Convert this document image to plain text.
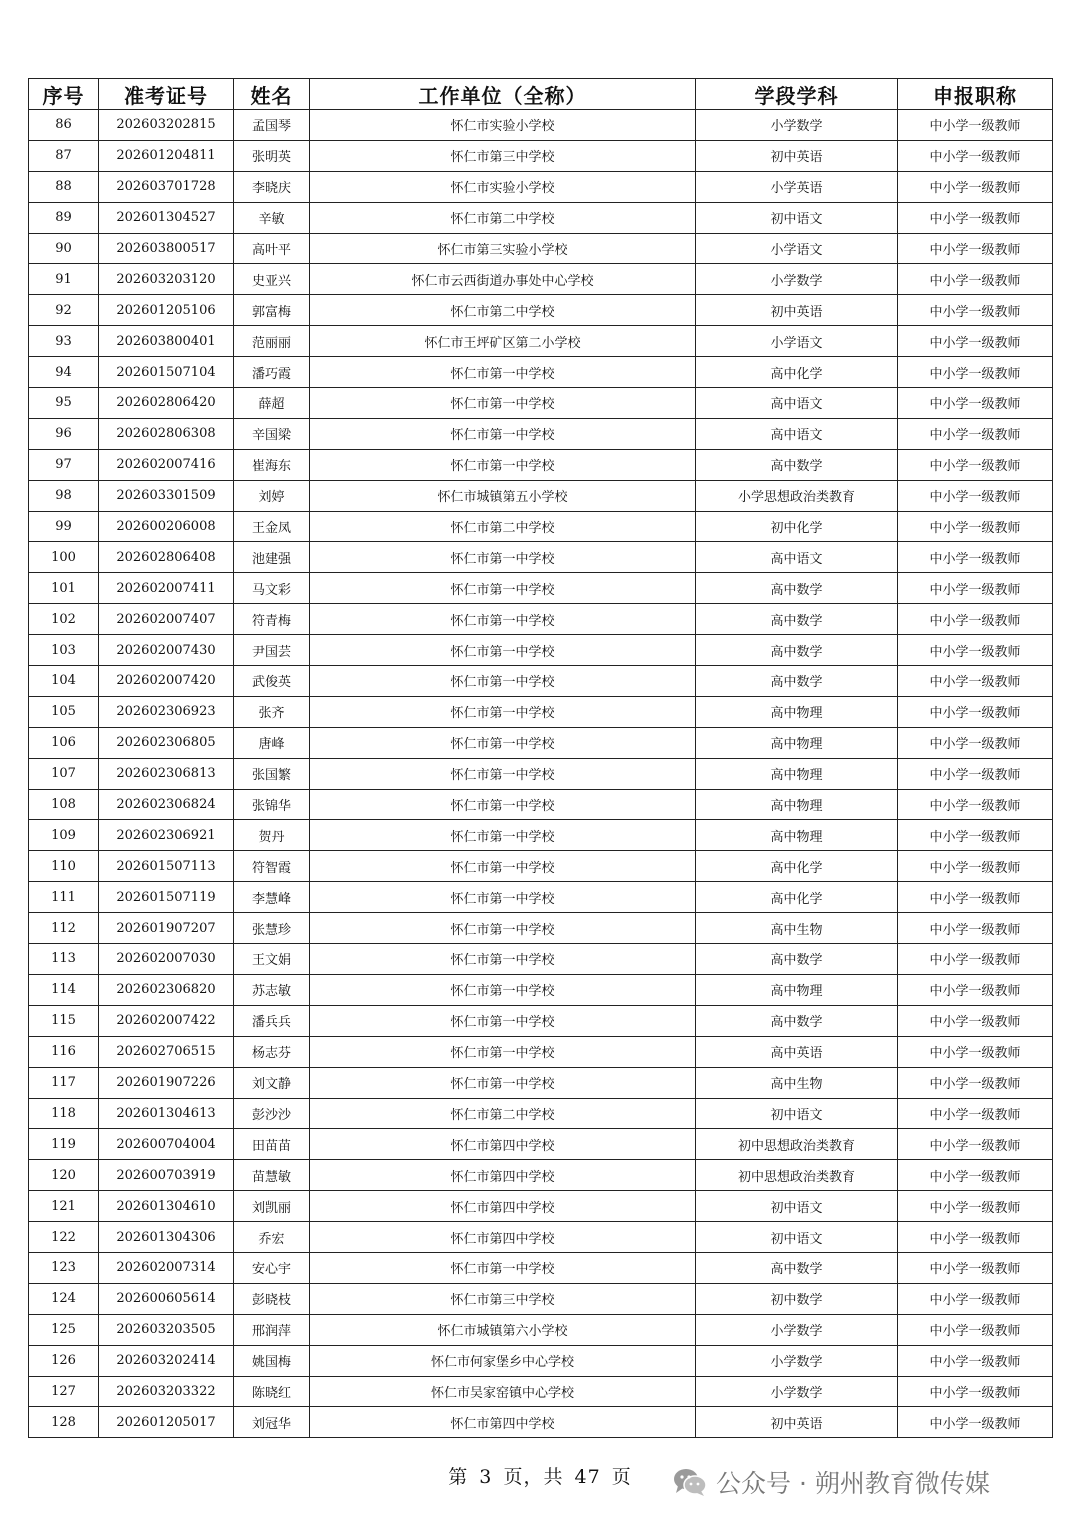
序号	准考证号	姓名	工作单位（全称）	学段学科	申报职称
86	202603202815	孟国琴	怀仁市实验小学校	小学数学	中小学一级教师
87	202601204811	张明英	怀仁市第三中学校	初中英语	中小学一级教师
88	202603701728	李晓庆	怀仁市实验小学校	小学英语	中小学一级教师
89	202601304527	辛敏	怀仁市第二中学校	初中语文	中小学一级教师
90	202603800517	高叶平	怀仁市第三实验小学校	小学语文	中小学一级教师
91	202603203120	史亚兴	怀仁市云西街道办事处中心学校	小学数学	中小学一级教师
92	202601205106	郭富梅	怀仁市第二中学校	初中英语	中小学一级教师
93	202603800401	范丽丽	怀仁市王坪矿区第二小学校	小学语文	中小学一级教师
94	202601507104	潘巧霞	怀仁市第一中学校	高中化学	中小学一级教师
95	202602806420	薛超	怀仁市第一中学校	高中语文	中小学一级教师
96	202602806308	辛国梁	怀仁市第一中学校	高中语文	中小学一级教师
97	202602007416	崔海东	怀仁市第一中学校	高中数学	中小学一级教师
98	202603301509	刘婷	怀仁市城镇第五小学校	小学思想政治类教育	中小学一级教师
99	202600206008	王金凤	怀仁市第二中学校	初中化学	中小学一级教师
100	202602806408	池建强	怀仁市第一中学校	高中语文	中小学一级教师
101	202602007411	马文彩	怀仁市第一中学校	高中数学	中小学一级教师
102	202602007407	符青梅	怀仁市第一中学校	高中数学	中小学一级教师
103	202602007430	尹国芸	怀仁市第一中学校	高中数学	中小学一级教师
104	202602007420	武俊英	怀仁市第一中学校	高中数学	中小学一级教师
105	202602306923	张齐	怀仁市第一中学校	高中物理	中小学一级教师
106	202602306805	唐峰	怀仁市第一中学校	高中物理	中小学一级教师
107	202602306813	张国繁	怀仁市第一中学校	高中物理	中小学一级教师
108	202602306824	张锦华	怀仁市第一中学校	高中物理	中小学一级教师
109	202602306921	贺丹	怀仁市第一中学校	高中物理	中小学一级教师
110	202601507113	符智霞	怀仁市第一中学校	高中化学	中小学一级教师
111	202601507119	李慧峰	怀仁市第一中学校	高中化学	中小学一级教师
112	202601907207	张慧珍	怀仁市第一中学校	高中生物	中小学一级教师
113	202602007030	王文娟	怀仁市第一中学校	高中数学	中小学一级教师
114	202602306820	苏志敏	怀仁市第一中学校	高中物理	中小学一级教师
115	202602007422	潘兵兵	怀仁市第一中学校	高中数学	中小学一级教师
116	202602706515	杨志芬	怀仁市第一中学校	高中英语	中小学一级教师
117	202601907226	刘文静	怀仁市第一中学校	高中生物	中小学一级教师
118	202601304613	彭沙沙	怀仁市第二中学校	初中语文	中小学一级教师
119	202600704004	田苗苗	怀仁市第四中学校	初中思想政治类教育	中小学一级教师
120	202600703919	苗慧敏	怀仁市第四中学校	初中思想政治类教育	中小学一级教师
121	202601304610	刘凯丽	怀仁市第四中学校	初中语文	中小学一级教师
122	202601304306	乔宏	怀仁市第四中学校	初中语文	中小学一级教师
123	202602007314	安心宇	怀仁市第一中学校	高中数学	中小学一级教师
124	202600605614	彭晓枝	怀仁市第三中学校	初中数学	中小学一级教师
125	202603203505	邢润萍	怀仁市城镇第六小学校	小学数学	中小学一级教师
126	202603202414	姚国梅	怀仁市何家堡乡中心学校	小学数学	中小学一级教师
127	202603203322	陈晓红	怀仁市吴家窑镇中心学校	小学数学	中小学一级教师
128	202601205017	刘冠华	怀仁市第四中学校	初中英语	中小学一级教师
第 3 页，共 47 页	公众号 · 朔州教育微传媒
